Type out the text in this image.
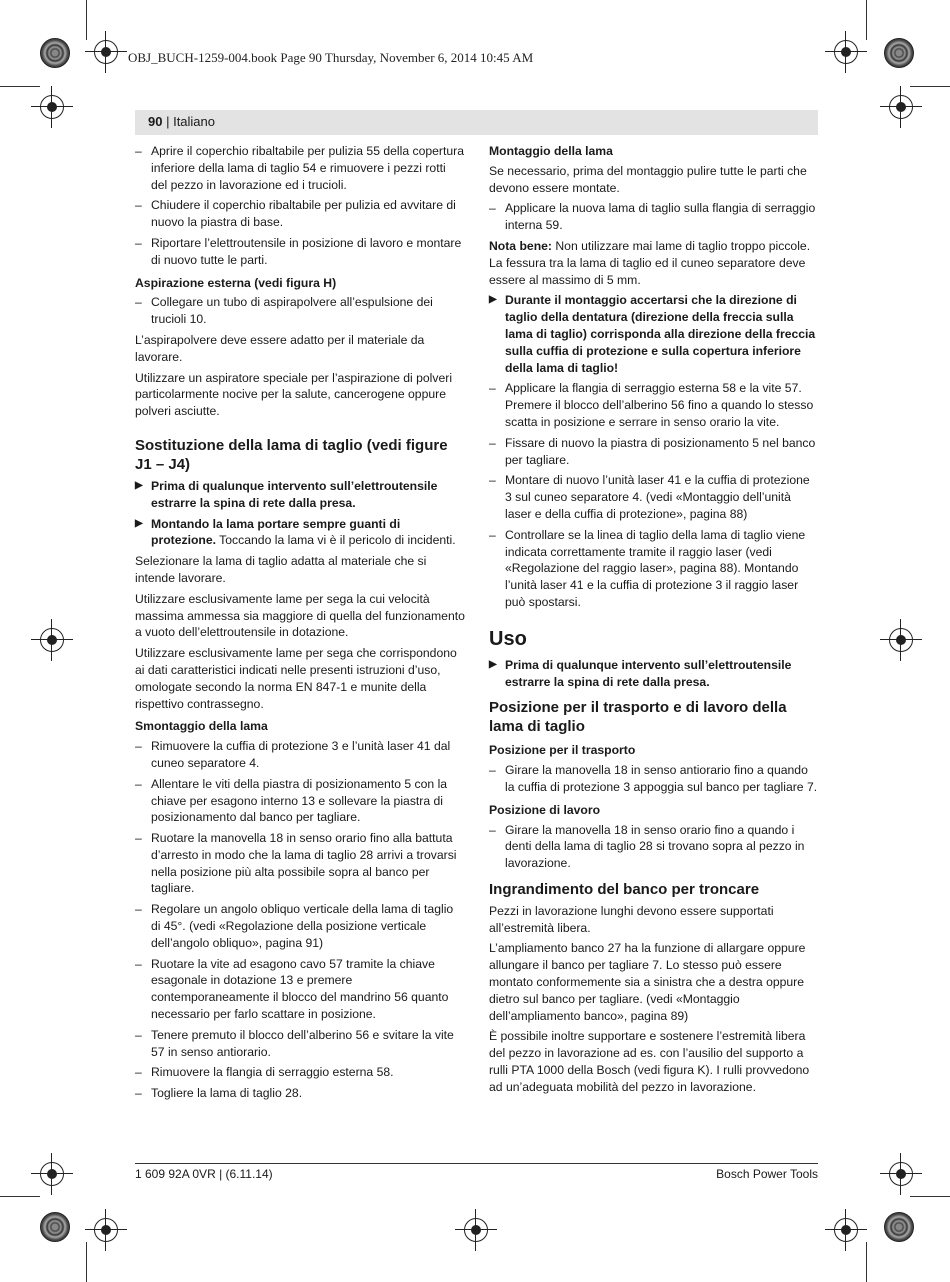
OBJ_BUCH-1259-004.book Page 90 Thursday, November 6, 2014 10:45 AM
90 | Italiano

– Aprire il coperchio ribaltabile per pulizia 55 della copertura inferiore della lama di taglio 54 e rimuovere i pezzi rotti del pezzo in lavorazione ed i trucioli.

– Chiudere il coperchio ribaltabile per pulizia ed avvitare di nuovo la piastra di base.

– Riportare l’elettroutensile in posizione di lavoro e montare di nuovo tutte le parti.

Aspirazione esterna (vedi figura H)

– Collegare un tubo di aspirapolvere all’espulsione dei trucioli 10.

L’aspirapolvere deve essere adatto per il materiale da lavorare.

Utilizzare un aspiratore speciale per l’aspirazione di polveri particolarmente nocive per la salute, cancerogene oppure polveri asciutte.

Sostituzione della lama di taglio (vedi figure J1 – J4)

▶ Prima di qualunque intervento sull’elettroutensile estrarre la spina di rete dalla presa.

▶ Montando la lama portare sempre guanti di protezione. Toccando la lama vi è il pericolo di incidenti.

Selezionare la lama di taglio adatta al materiale che si intende lavorare.

Utilizzare esclusivamente lame per sega la cui velocità massima ammessa sia maggiore di quella del funzionamento a vuoto dell’elettroutensile in dotazione.

Utilizzare esclusivamente lame per sega che corrispondono ai dati caratteristici indicati nelle presenti istruzioni d’uso, omologate secondo la norma EN 847-1 e munite della rispettivo contrassegno.

Smontaggio della lama

– Rimuovere la cuffia di protezione 3 e l’unità laser 41 dal cuneo separatore 4.

– Allentare le viti della piastra di posizionamento 5 con la chiave per esagono interno 13 e sollevare la piastra di posizionamento dal banco per tagliare.

– Ruotare la manovella 18 in senso orario fino alla battuta d’arresto in modo che la lama di taglio 28 arrivi a trovarsi nella posizione più alta possibile sopra al banco per tagliare.

– Regolare un angolo obliquo verticale della lama di taglio di 45°. (vedi «Regolazione della posizione verticale dell’angolo obliquo», pagina 91)

– Ruotare la vite ad esagono cavo 57 tramite la chiave esagonale in dotazione 13 e premere contemporaneamente il blocco del mandrino 56 quanto necessario per farlo scattare in posizione.

– Tenere premuto il blocco dell’alberino 56 e svitare la vite 57 in senso antiorario.

– Rimuovere la flangia di serraggio esterna 58.

– Togliere la lama di taglio 28.

Montaggio della lama

Se necessario, prima del montaggio pulire tutte le parti che devono essere montate.

– Applicare la nuova lama di taglio sulla flangia di serraggio interna 59.

Nota bene: Non utilizzare mai lame di taglio troppo piccole. La fessura tra la lama di taglio ed il cuneo separatore deve essere al massimo di 5 mm.

▶ Durante il montaggio accertarsi che la direzione di taglio della dentatura (direzione della freccia sulla lama di taglio) corrisponda alla direzione della freccia sulla cuffia di protezione e sulla copertura inferiore della lama di taglio!

– Applicare la flangia di serraggio esterna 58 e la vite 57. Premere il blocco dell’alberino 56 fino a quando lo stesso scatta in posizione e serrare in senso orario la vite.

– Fissare di nuovo la piastra di posizionamento 5 nel banco per tagliare.

– Montare di nuovo l’unità laser 41 e la cuffia di protezione 3 sul cuneo separatore 4. (vedi «Montaggio dell’unità laser e della cuffia di protezione», pagina 88)

– Controllare se la linea di taglio della lama di taglio viene indicata correttamente tramite il raggio laser (vedi «Regolazione del raggio laser», pagina 88). Montando l’unità laser 41 e la cuffia di protezione 3 il raggio laser può spostarsi.

Uso

▶ Prima di qualunque intervento sull’elettroutensile estrarre la spina di rete dalla presa.

Posizione per il trasporto e di lavoro della lama di taglio
Posizione per il trasporto

– Girare la manovella 18 in senso antiorario fino a quando la cuffia di protezione 3 appoggia sul banco per tagliare 7.

Posizione di lavoro

– Girare la manovella 18 in senso orario fino a quando i denti della lama di taglio 28 si trovano sopra al pezzo in lavorazione.

Ingrandimento del banco per troncare

Pezzi in lavorazione lunghi devono essere supportati all’estremità libera.

L’ampliamento banco 27 ha la funzione di allargare oppure allungare il banco per tagliare 7. Lo stesso può essere montato conformemente sia a sinistra che a destra oppure dietro sul banco per tagliare. (vedi «Montaggio dell’ampliamento banco», pagina 89)

È possibile inoltre supportare e sostenere l’estremità libera del pezzo in lavorazione ad es. con l’ausilio del supporto a rulli PTA 1000 della Bosch (vedi figura K). I rulli provvedono ad un’adeguata mobilità del pezzo in lavorazione.

1 609 92A 0VR | (6.11.14)	Bosch Power Tools
